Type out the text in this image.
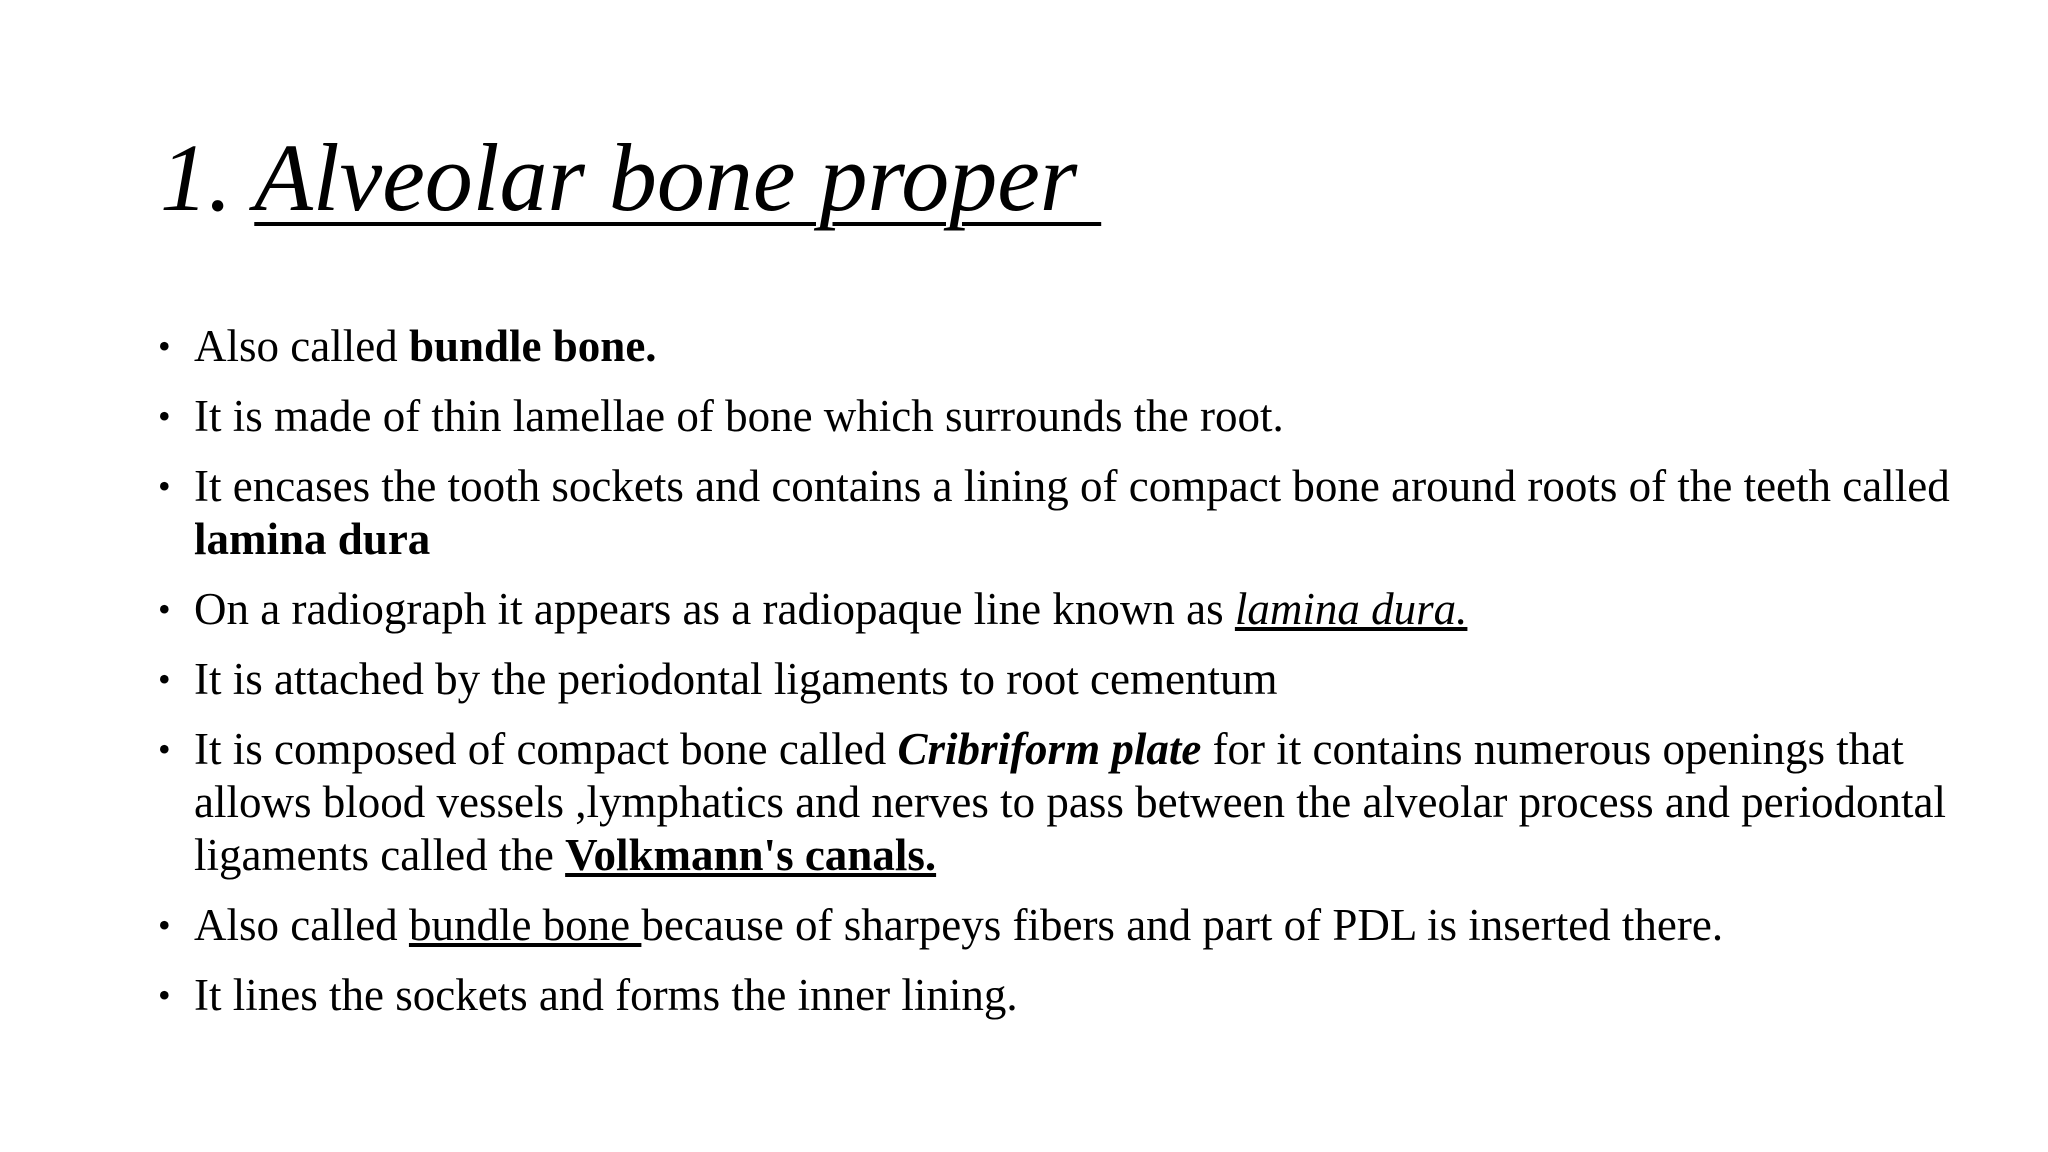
1. Alveolar bone proper
• Also called bundle bone.
• It is made of thin lamellae of bone which surrounds the root.
• It encases the tooth sockets and contains a lining of compact bone around roots of the teeth called lamina dura
• On a radiograph it appears as a radiopaque line known as lamina dura.
• It is attached by the periodontal ligaments to root cementum
• It is composed of compact bone called Cribriform plate for it contains numerous openings that allows blood vessels ,lymphatics and nerves to pass between the alveolar process and periodontal ligaments called the Volkmann's canals.
• Also called bundle bone because of sharpeys fibers and part of PDL is inserted there.
• It lines the sockets and forms the inner lining.
